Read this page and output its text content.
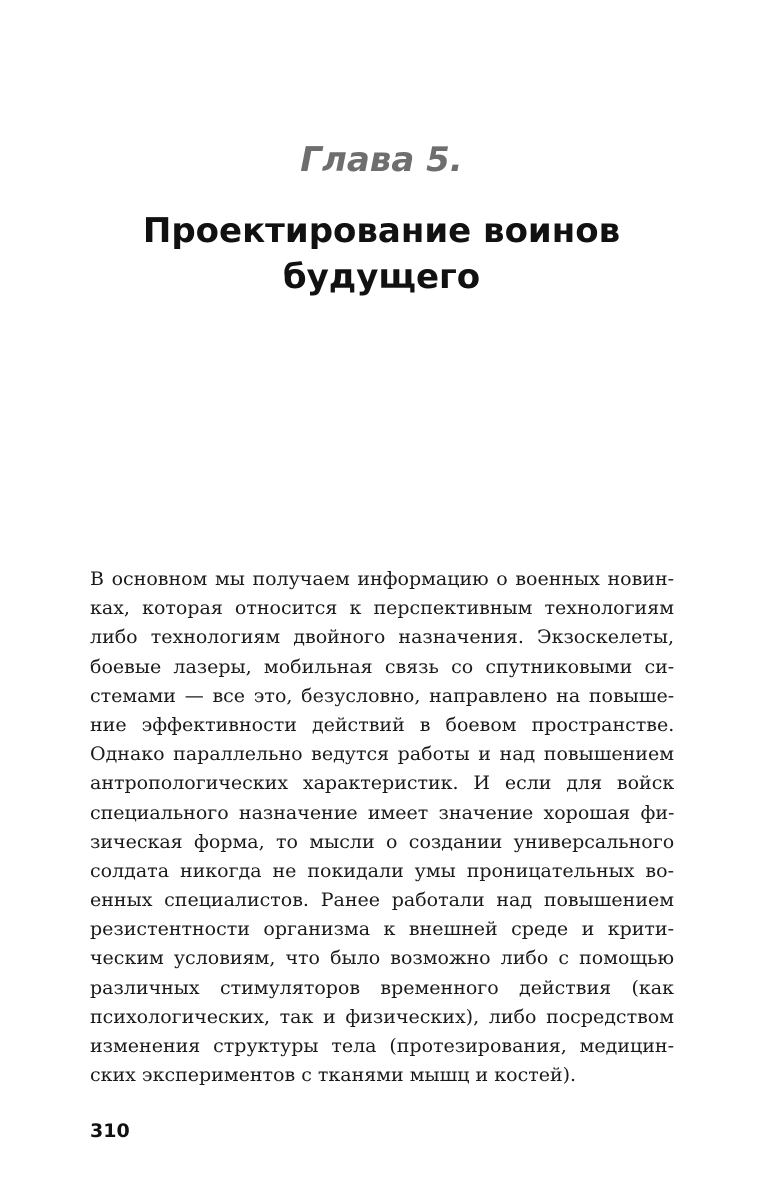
Глава 5.
Проектирование воинов
будущего
В основном мы получаем информацию о военных новин-
ках, которая относится к перспективным технологиям
либо технологиям двойного назначения. Экзоскелеты,
боевые лазеры, мобильная связь со спутниковыми си-
стемами — все это, безусловно, направлено на повыше-
ние эффективности действий в боевом пространстве.
Однако параллельно ведутся работы и над повышением
антропологических характеристик. И если для войск
специального назначение имеет значение хорошая фи-
зическая форма, то мысли о создании универсального
солдата никогда не покидали умы проницательных во-
енных специалистов. Ранее работали над повышением
резистентности организма к внешней среде и крити-
ческим условиям, что было возможно либо с помощью
различных стимуляторов временного действия (как
психологических, так и физических), либо посредством
изменения структуры тела (протезирования, медицин-
ских экспериментов с тканями мышц и костей).
310
